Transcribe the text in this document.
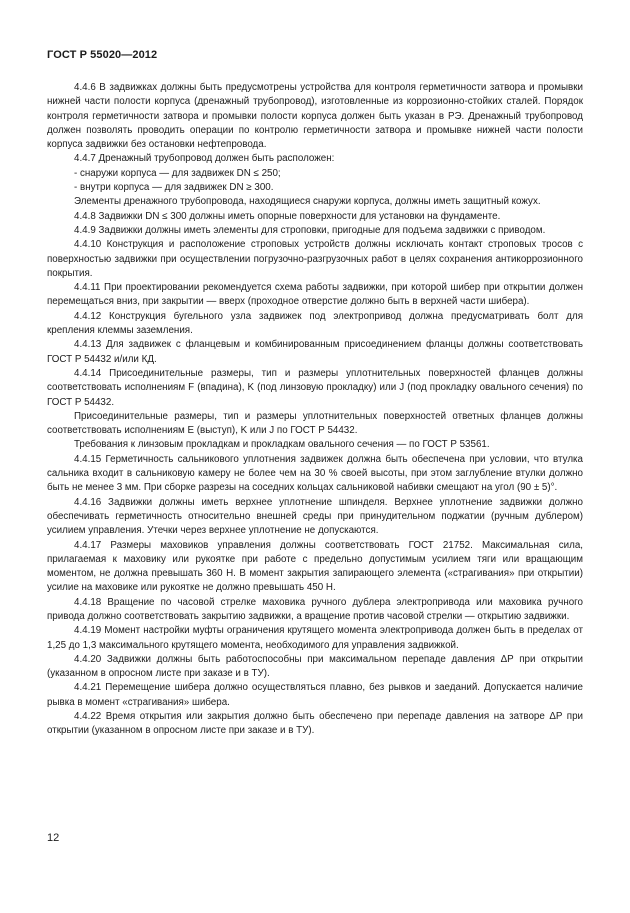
ГОСТ Р 55020—2012

4.4.6 В задвижках должны быть предусмотрены устройства для контроля герметичности затвора и промывки нижней части полости корпуса (дренажный трубопровод), изготовленные из коррозионно-стойких сталей. Порядок контроля герметичности затвора и промывки полости корпуса должен быть указан в РЭ. Дренажный трубопровод должен позволять проводить операции по контролю герметичности затвора и промывке нижней части полости корпуса задвижки без остановки нефтепровода.

4.4.7 Дренажный трубопровод должен быть расположен:

- снаружи корпуса — для задвижек DN ≤ 250;

- внутри корпуса — для задвижек DN ≥ 300.

Элементы дренажного трубопровода, находящиеся снаружи корпуса, должны иметь защитный кожух.

4.4.8 Задвижки DN ≤ 300 должны иметь опорные поверхности для установки на фундаменте.

4.4.9 Задвижки должны иметь элементы для строповки, пригодные для подъема задвижки с приводом.

4.4.10 Конструкция и расположение строповых устройств должны исключать контакт строповых тросов с поверхностью задвижки при осуществлении погрузочно-разгрузочных работ в целях сохранения антикоррозионного покрытия.

4.4.11 При проектировании рекомендуется схема работы задвижки, при которой шибер при открытии должен перемещаться вниз, при закрытии — вверх (проходное отверстие должно быть в верхней части шибера).

4.4.12 Конструкция бугельного узла задвижек под электропривод должна предусматривать болт для крепления клеммы заземления.

4.4.13 Для задвижек с фланцевым и комбинированным присоединением фланцы должны соответствовать ГОСТ Р 54432 и/или КД.

4.4.14 Присоединительные размеры, тип и размеры уплотнительных поверхностей фланцев должны соответствовать исполнениям F (впадина), K (под линзовую прокладку) или J (под прокладку овального сечения) по ГОСТ Р 54432.

Присоединительные размеры, тип и размеры уплотнительных поверхностей ответных фланцев должны соответствовать исполнениям E (выступ), K или J по ГОСТ Р 54432.

Требования к линзовым прокладкам и прокладкам овального сечения — по ГОСТ Р 53561.

4.4.15 Герметичность сальникового уплотнения задвижек должна быть обеспечена при условии, что втулка сальника входит в сальниковую камеру не более чем на 30 % своей высоты, при этом заглубление втулки должно быть не менее 3 мм. При сборке разрезы на соседних кольцах сальниковой набивки смещают на угол (90 ± 5)°.

4.4.16 Задвижки должны иметь верхнее уплотнение шпинделя. Верхнее уплотнение задвижки должно обеспечивать герметичность относительно внешней среды при принудительном поджатии (ручным дублером) усилием управления. Утечки через верхнее уплотнение не допускаются.

4.4.17 Размеры маховиков управления должны соответствовать ГОСТ 21752. Максимальная сила, прилагаемая к маховику или рукоятке при работе с предельно допустимым усилием тяги или вращающим моментом, не должна превышать 360 Н. В момент закрытия запирающего элемента («страгивания» при открытии) усилие на маховике или рукоятке не должно превышать 450 Н.

4.4.18 Вращение по часовой стрелке маховика ручного дублера электропривода или маховика ручного привода должно соответствовать закрытию задвижки, а вращение против часовой стрелки — открытию задвижки.

4.4.19 Момент настройки муфты ограничения крутящего момента электропривода должен быть в пределах от 1,25 до 1,3 максимального крутящего момента, необходимого для управления задвижкой.

4.4.20 Задвижки должны быть работоспособны при максимальном перепаде давления ΔP при открытии (указанном в опросном листе при заказе и в ТУ).

4.4.21 Перемещение шибера должно осуществляться плавно, без рывков и заеданий. Допускается наличие рывка в момент «страгивания» шибера.

4.4.22 Время открытия или закрытия должно быть обеспечено при перепаде давления на затворе ΔP при открытии (указанном в опросном листе при заказе и в ТУ).

12
